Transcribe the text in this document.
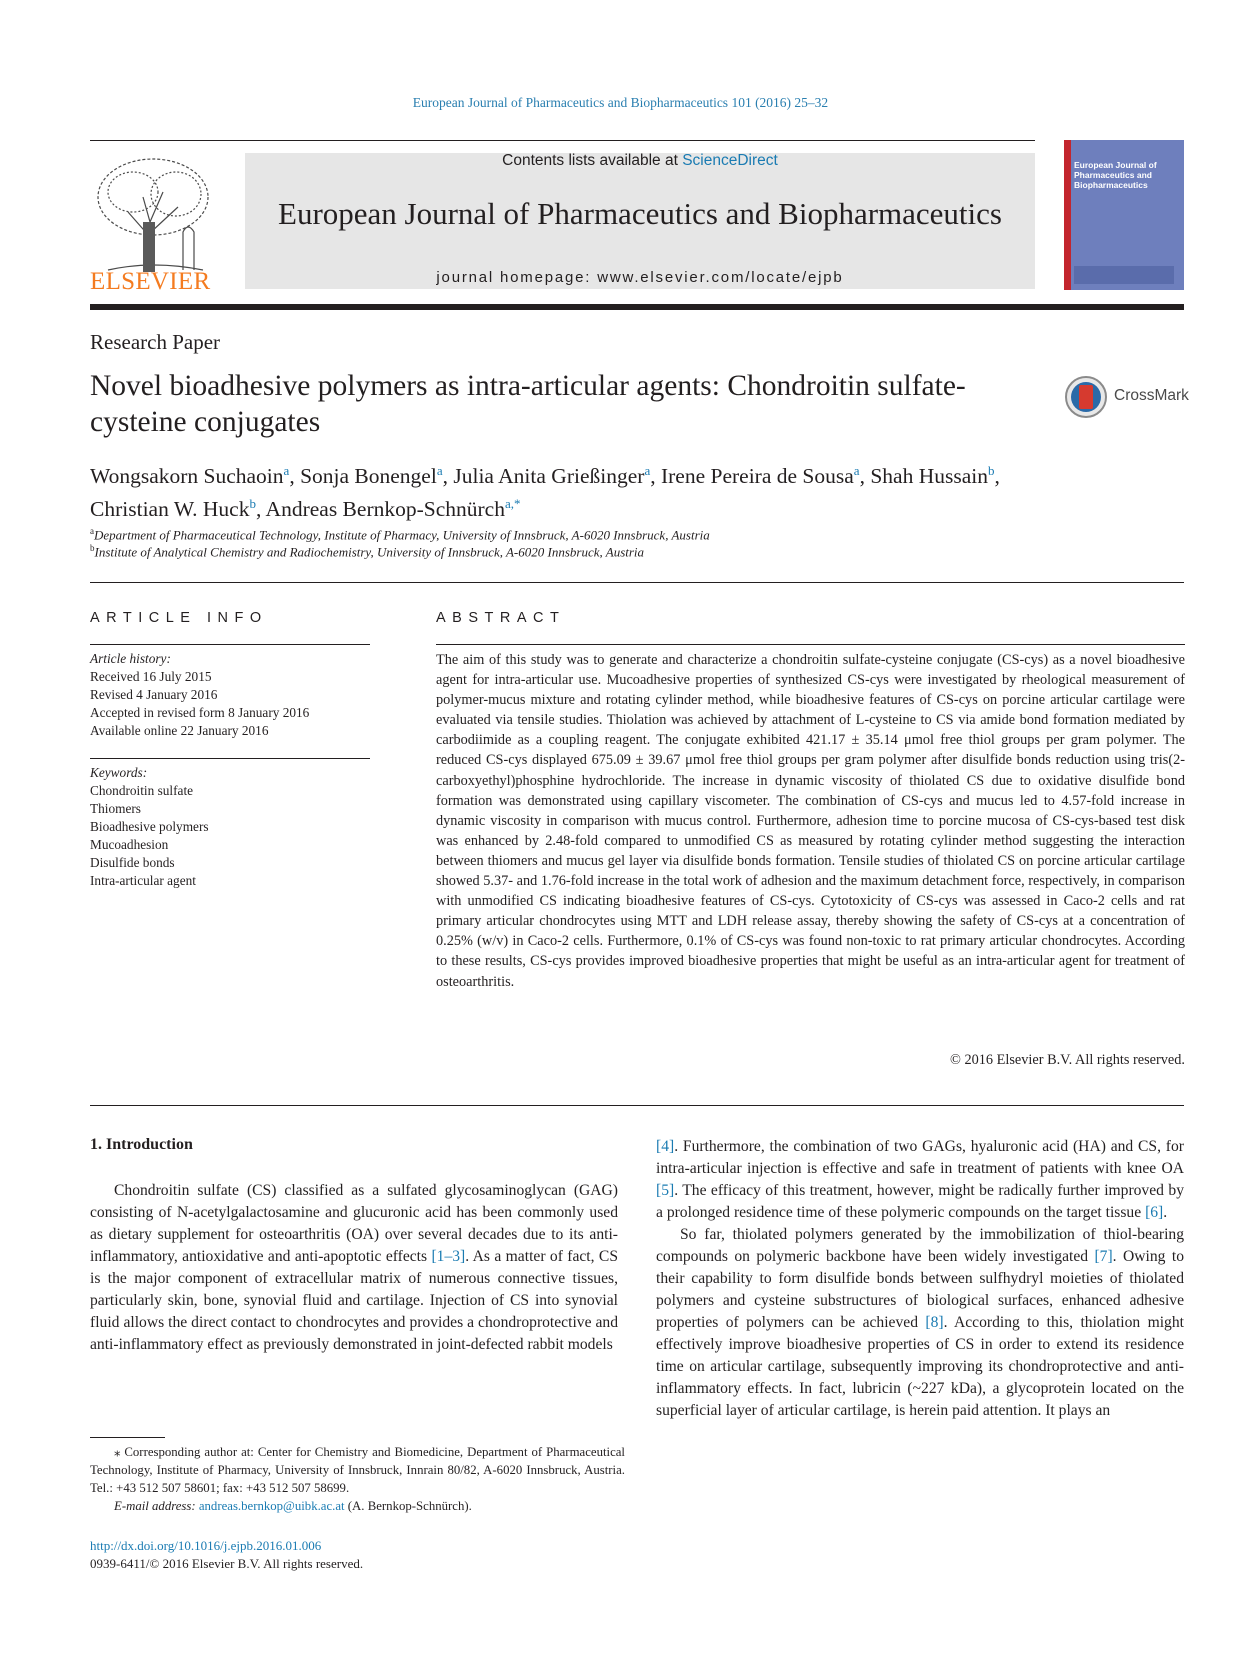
European Journal of Pharmaceutics and Biopharmaceutics 101 (2016) 25–32
ELSEVIER
Contents lists available at ScienceDirect
European Journal of Pharmaceutics and Biopharmaceutics
journal homepage: www.elsevier.com/locate/ejpb
European Journal of Pharmaceutics and Biopharmaceutics
Research Paper
Novel bioadhesive polymers as intra-articular agents: Chondroitin sulfate-cysteine conjugates
CrossMark
Wongsakorn Suchaoin$^a$, Sonja Bonengel$^a$, Julia Anita Grießinger$^a$, Irene Pereira de Sousa$^a$, Shah Hussain$^b$,
Christian W. Huck$^b$, Andreas Bernkop-Schnürch$^{a,*}$
$^a$Department of Pharmaceutical Technology, Institute of Pharmacy, University of Innsbruck, A-6020 Innsbruck, Austria
$^b$Institute of Analytical Chemistry and Radiochemistry, University of Innsbruck, A-6020 Innsbruck, Austria
ARTICLE INFO
Article history:
Received 16 July 2015
Revised 4 January 2016
Accepted in revised form 8 January 2016
Available online 22 January 2016
Keywords:
Chondroitin sulfate
Thiomers
Bioadhesive polymers
Mucoadhesion
Disulfide bonds
Intra-articular agent
ABSTRACT
The aim of this study was to generate and characterize a chondroitin sulfate-cysteine conjugate (CS-cys) as a novel bioadhesive agent for intra-articular use. Mucoadhesive properties of synthesized CS-cys were investigated by rheological measurement of polymer-mucus mixture and rotating cylinder method, while bioadhesive features of CS-cys on porcine articular cartilage were evaluated via tensile studies. Thiolation was achieved by attachment of L-cysteine to CS via amide bond formation mediated by carbodiimide as a coupling reagent. The conjugate exhibited 421.17 ± 35.14 μmol free thiol groups per gram polymer. The reduced CS-cys displayed 675.09 ± 39.67 μmol free thiol groups per gram polymer after disulfide bonds reduction using tris(2-carboxyethyl)phosphine hydrochloride. The increase in dynamic viscosity of thiolated CS due to oxidative disulfide bond formation was demonstrated using capillary viscometer. The combination of CS-cys and mucus led to 4.57-fold increase in dynamic viscosity in comparison with mucus control. Furthermore, adhesion time to porcine mucosa of CS-cys-based test disk was enhanced by 2.48-fold compared to unmodified CS as measured by rotating cylinder method suggesting the interaction between thiomers and mucus gel layer via disulfide bonds formation. Tensile studies of thiolated CS on porcine articular cartilage showed 5.37- and 1.76-fold increase in the total work of adhesion and the maximum detachment force, respectively, in comparison with unmodified CS indicating bioadhesive features of CS-cys. Cytotoxicity of CS-cys was assessed in Caco-2 cells and rat primary articular chondrocytes using MTT and LDH release assay, thereby showing the safety of CS-cys at a concentration of 0.25% (w/v) in Caco-2 cells. Furthermore, 0.1% of CS-cys was found non-toxic to rat primary articular chondrocytes. According to these results, CS-cys provides improved bioadhesive properties that might be useful as an intra-articular agent for treatment of osteoarthritis.
© 2016 Elsevier B.V. All rights reserved.
1. Introduction

Chondroitin sulfate (CS) classified as a sulfated glycosaminoglycan (GAG) consisting of N-acetylgalactosamine and glucuronic acid has been commonly used as dietary supplement for osteoarthritis (OA) over several decades due to its anti-inflammatory, antioxidative and anti-apoptotic effects [1–3]. As a matter of fact, CS is the major component of extracellular matrix of numerous connective tissues, particularly skin, bone, synovial fluid and cartilage. Injection of CS into synovial fluid allows the direct contact to chondrocytes and provides a chondroprotective and anti-inflammatory effect as previously demonstrated in joint-defected rabbit models

[4]. Furthermore, the combination of two GAGs, hyaluronic acid (HA) and CS, for intra-articular injection is effective and safe in treatment of patients with knee OA [5]. The efficacy of this treatment, however, might be radically further improved by a prolonged residence time of these polymeric compounds on the target tissue [6].

So far, thiolated polymers generated by the immobilization of thiol-bearing compounds on polymeric backbone have been widely investigated [7]. Owing to their capability to form disulfide bonds between sulfhydryl moieties of thiolated polymers and cysteine substructures of biological surfaces, enhanced adhesive properties of polymers can be achieved [8]. According to this, thiolation might effectively improve bioadhesive properties of CS in order to extend its residence time on articular cartilage, subsequently improving its chondroprotective and anti-inflammatory effects. In fact, lubricin (~227 kDa), a glycoprotein located on the superficial layer of articular cartilage, is herein paid attention. It plays an

⁎ Corresponding author at: Center for Chemistry and Biomedicine, Department of Pharmaceutical Technology, Institute of Pharmacy, University of Innsbruck, Innrain 80/82, A-6020 Innsbruck, Austria. Tel.: +43 512 507 58601; fax: +43 512 507 58699.

E-mail address: andreas.bernkop@uibk.ac.at (A. Bernkop-Schnürch).

http://dx.doi.org/10.1016/j.ejpb.2016.01.006
0939-6411/© 2016 Elsevier B.V. All rights reserved.
